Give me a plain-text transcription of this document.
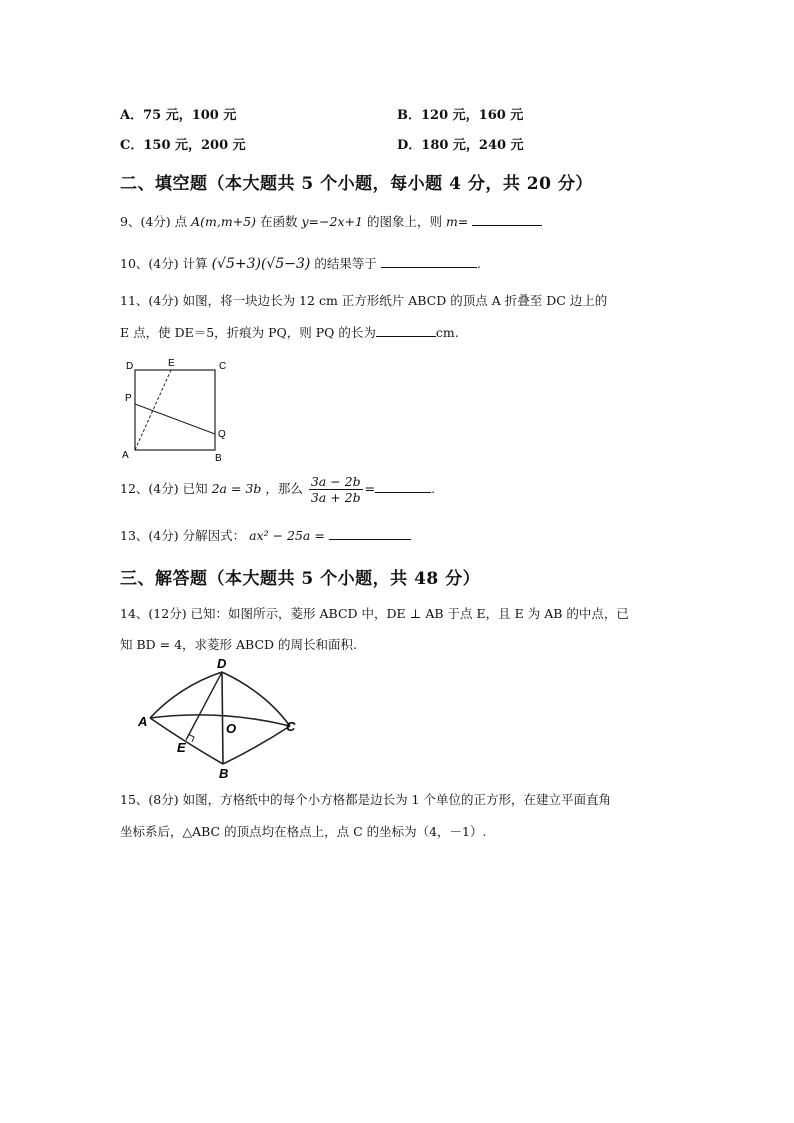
A．75 元，100 元	B．120 元，160 元
C．150 元，200 元	D．180 元，240 元
二、填空题（本大题共 5 个小题，每小题 4 分，共 20 分）
9、(4分) 点 A(m,m+5) 在函数 y=−2x+1 的图象上，则 m=
10、(4分) 计算 (√5+3)(√5−3) 的结果等于	.
11、(4分) 如图，将一块边长为 12 cm 正方形纸片 ABCD 的顶点 A 折叠至 DC 边上的
E 点，使 DE＝5，折痕为 PQ，则 PQ 的长为	cm.
D	E	C
P
Q
A	B
12、(4分) 已知 2a = 3b ，那么 $\frac{3a - 2b}{3a + 2b}$ =	.
13、(4分) 分解因式： ax² − 25a =
三、解答题（本大题共 5 个小题，共 48 分）
14、(12分) 已知：如图所示，菱形 ABCD 中，DE ⊥ AB 于点 E，且 E 为 AB 的中点，已
知 BD = 4，求菱形 ABCD 的周长和面积.
D
A	O	C
E
B
15、(8分) 如图，方格纸中的每个小方格都是边长为 1 个单位的正方形，在建立平面直角
坐标系后，△ABC 的顶点均在格点上，点 C 的坐标为（4，－1）.
